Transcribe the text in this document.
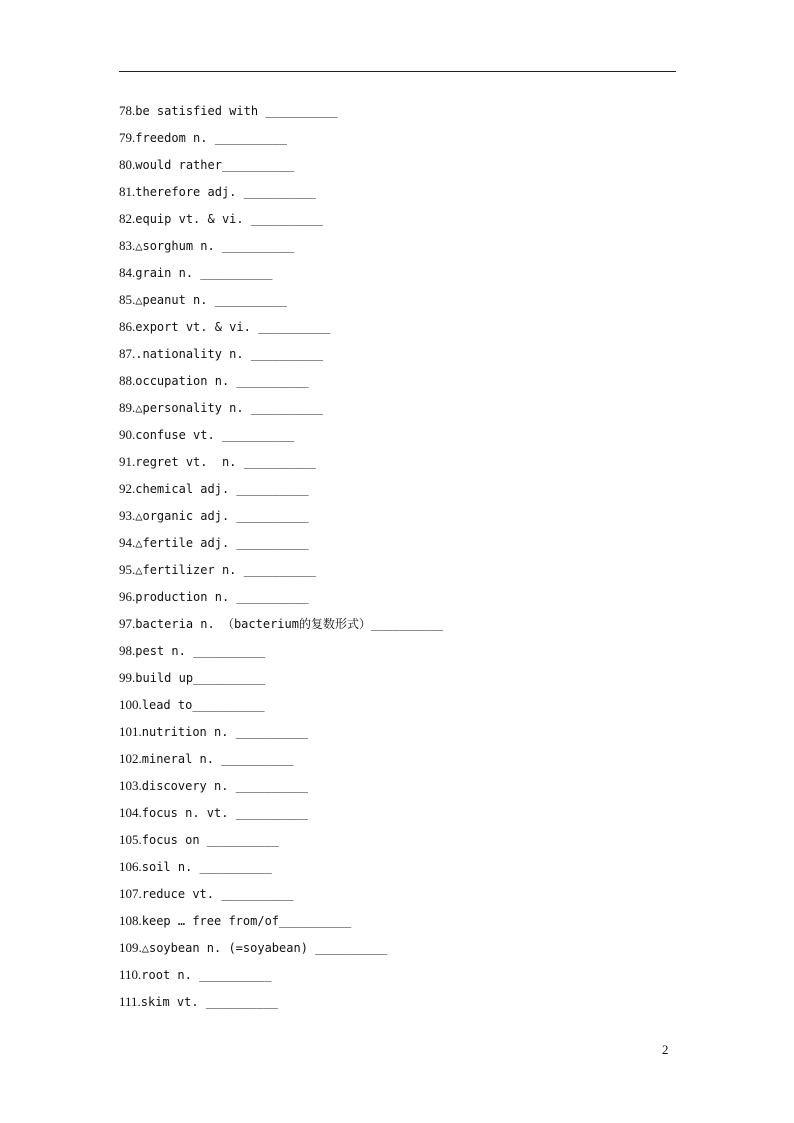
78.be satisfied with __________
79.freedom n. __________
80.would rather__________
81.therefore adj. __________
82.equip vt. & vi. __________
83.△sorghum n. __________
84.grain n. __________
85.△peanut n. __________
86.export vt. & vi. __________
87..nationality n. __________
88.occupation n. __________
89.△personality n. __________
90.confuse vt. __________
91.regret vt.  n. __________
92.chemical adj. __________
93.△organic adj. __________
94.△fertile adj. __________
95.△fertilizer n. __________
96.production n. __________
97.bacteria n. （bacterium的复数形式）__________
98.pest n. __________
99.build up__________
100.lead to__________
101.nutrition n. __________
102.mineral n. __________
103.discovery n. __________
104.focus n. vt. __________
105.focus on __________
106.soil n. __________
107.reduce vt. __________
108.keep … free from/of__________
109.△soybean n. (=soyabean) __________
110.root n. __________
111.skim vt. __________
2
